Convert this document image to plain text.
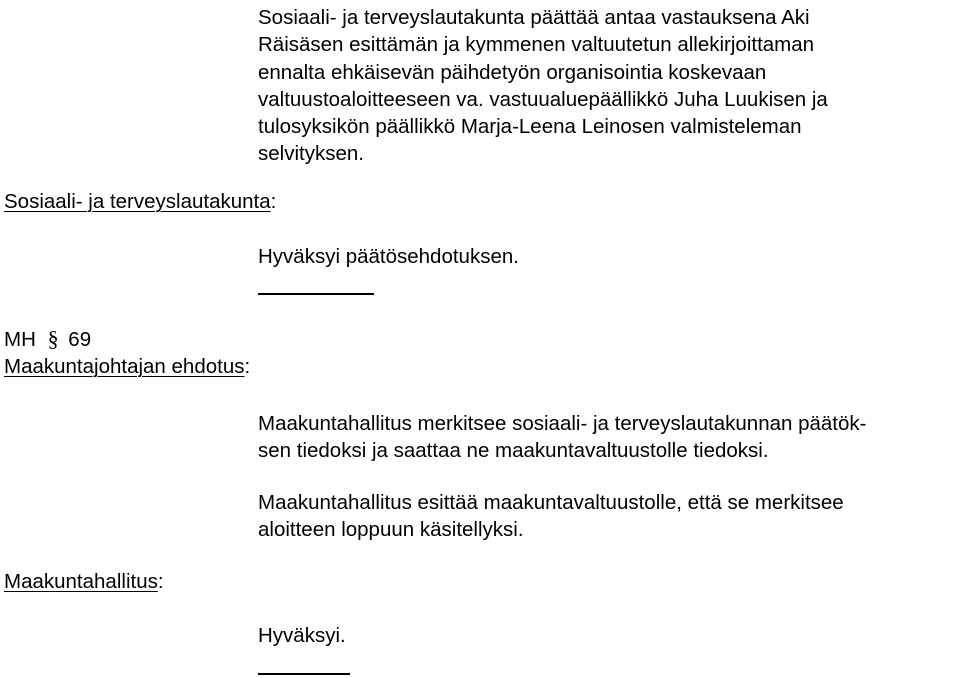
Sosiaali- ja terveyslautakunta päättää antaa vastauksena Aki
Räisäsen esittämän ja kymmenen valtuutetun allekirjoittaman
ennalta ehkäisevän päihdetyön organisointia koskevaan
valtuustoaloitteeseen va. vastuualuepäällikkö Juha Luukisen ja
tulosyksikön päällikkö Marja-Leena Leinosen valmisteleman
selvityksen.
Sosiaali- ja terveyslautakunta:
Hyväksyi päätösehdotuksen.
MH § 69
Maakuntajohtajan ehdotus:
Maakuntahallitus merkitsee sosiaali- ja terveyslautakunnan päätök-
sen tiedoksi ja saattaa ne maakuntavaltuustolle tiedoksi.
Maakuntahallitus esittää maakuntavaltuustolle, että se merkitsee
aloitteen loppuun käsitellyksi.
Maakuntahallitus:
Hyväksyi.
